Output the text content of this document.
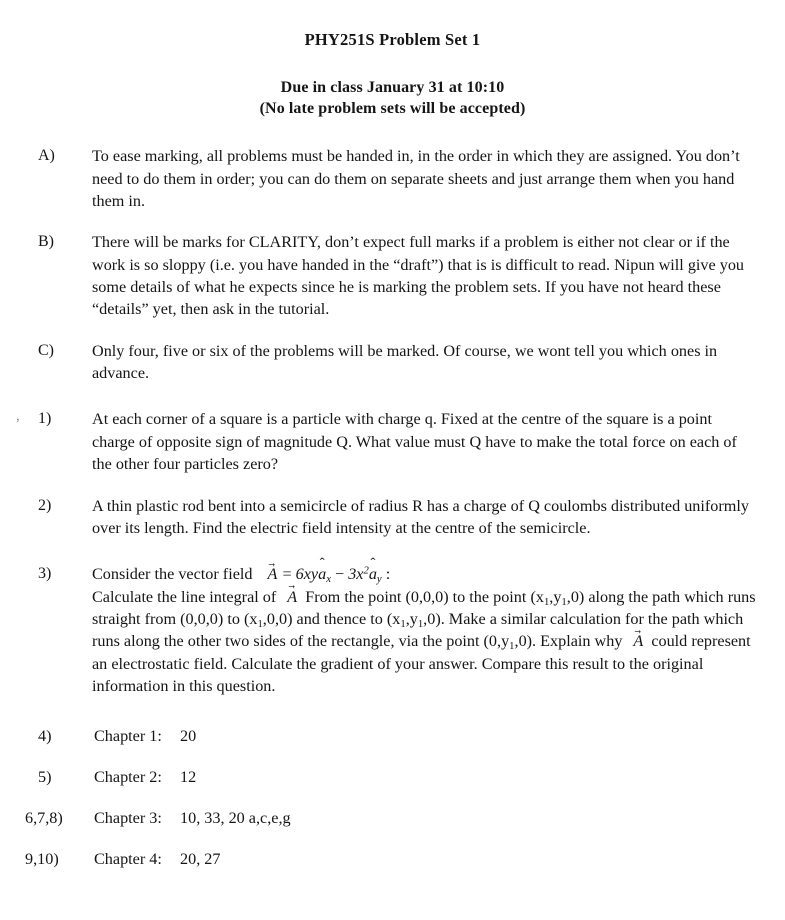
PHY251S Problem Set 1
Due in class January 31 at 10:10
(No late problem sets will be accepted)
A)	To ease marking, all problems must be handed in, in the order in which they are assigned. You don’t need to do them in order; you can do them on separate sheets and just arrange them when you hand them in.
B)	There will be marks for CLARITY, don’t expect full marks if a problem is either not clear or if the work is so sloppy (i.e. you have handed in the “draft”) that is is difficult to read. Nipun will give you some details of what he expects since he is marking the problem sets. If you have not heard these “details” yet, then ask in the tutorial.
C)	Only four, five or six of the problems will be marked. Of course, we wont tell you which ones in advance.
,	1)	At each corner of a square is a particle with charge q. Fixed at the centre of the square is a point charge of opposite sign of magnitude Q. What value must Q have to make the total force on each of the other four particles zero?
2)	A thin plastic rod bent into a semicircle of radius R has a charge of Q coulombs distributed uniformly over its length. Find the electric field intensity at the centre of the semicircle.
3)	Consider the vector field A → = 6xya ˆ$_x$ − $3x^2a$ ˆ$_y$ :

Calculate the line integral of A → From the point (0,0,0) to the point $(x_1,y_1,0)$ along the path which runs straight from (0,0,0) to $(x_1,0,0)$ and thence to $(x_1,y_1,0)$. Make a similar calculation for the path which runs along the other two sides of the rectangle, via the point $(0,y_1,0)$. Explain why A → could represent an electrostatic field. Calculate the gradient of your answer. Compare this result to the original information in this question.

4)	Chapter 1:	20
5)	Chapter 2:	12
6,7,8)	Chapter 3:	10, 33, 20 a,c,e,g
9,10)	Chapter 4:	20, 27
